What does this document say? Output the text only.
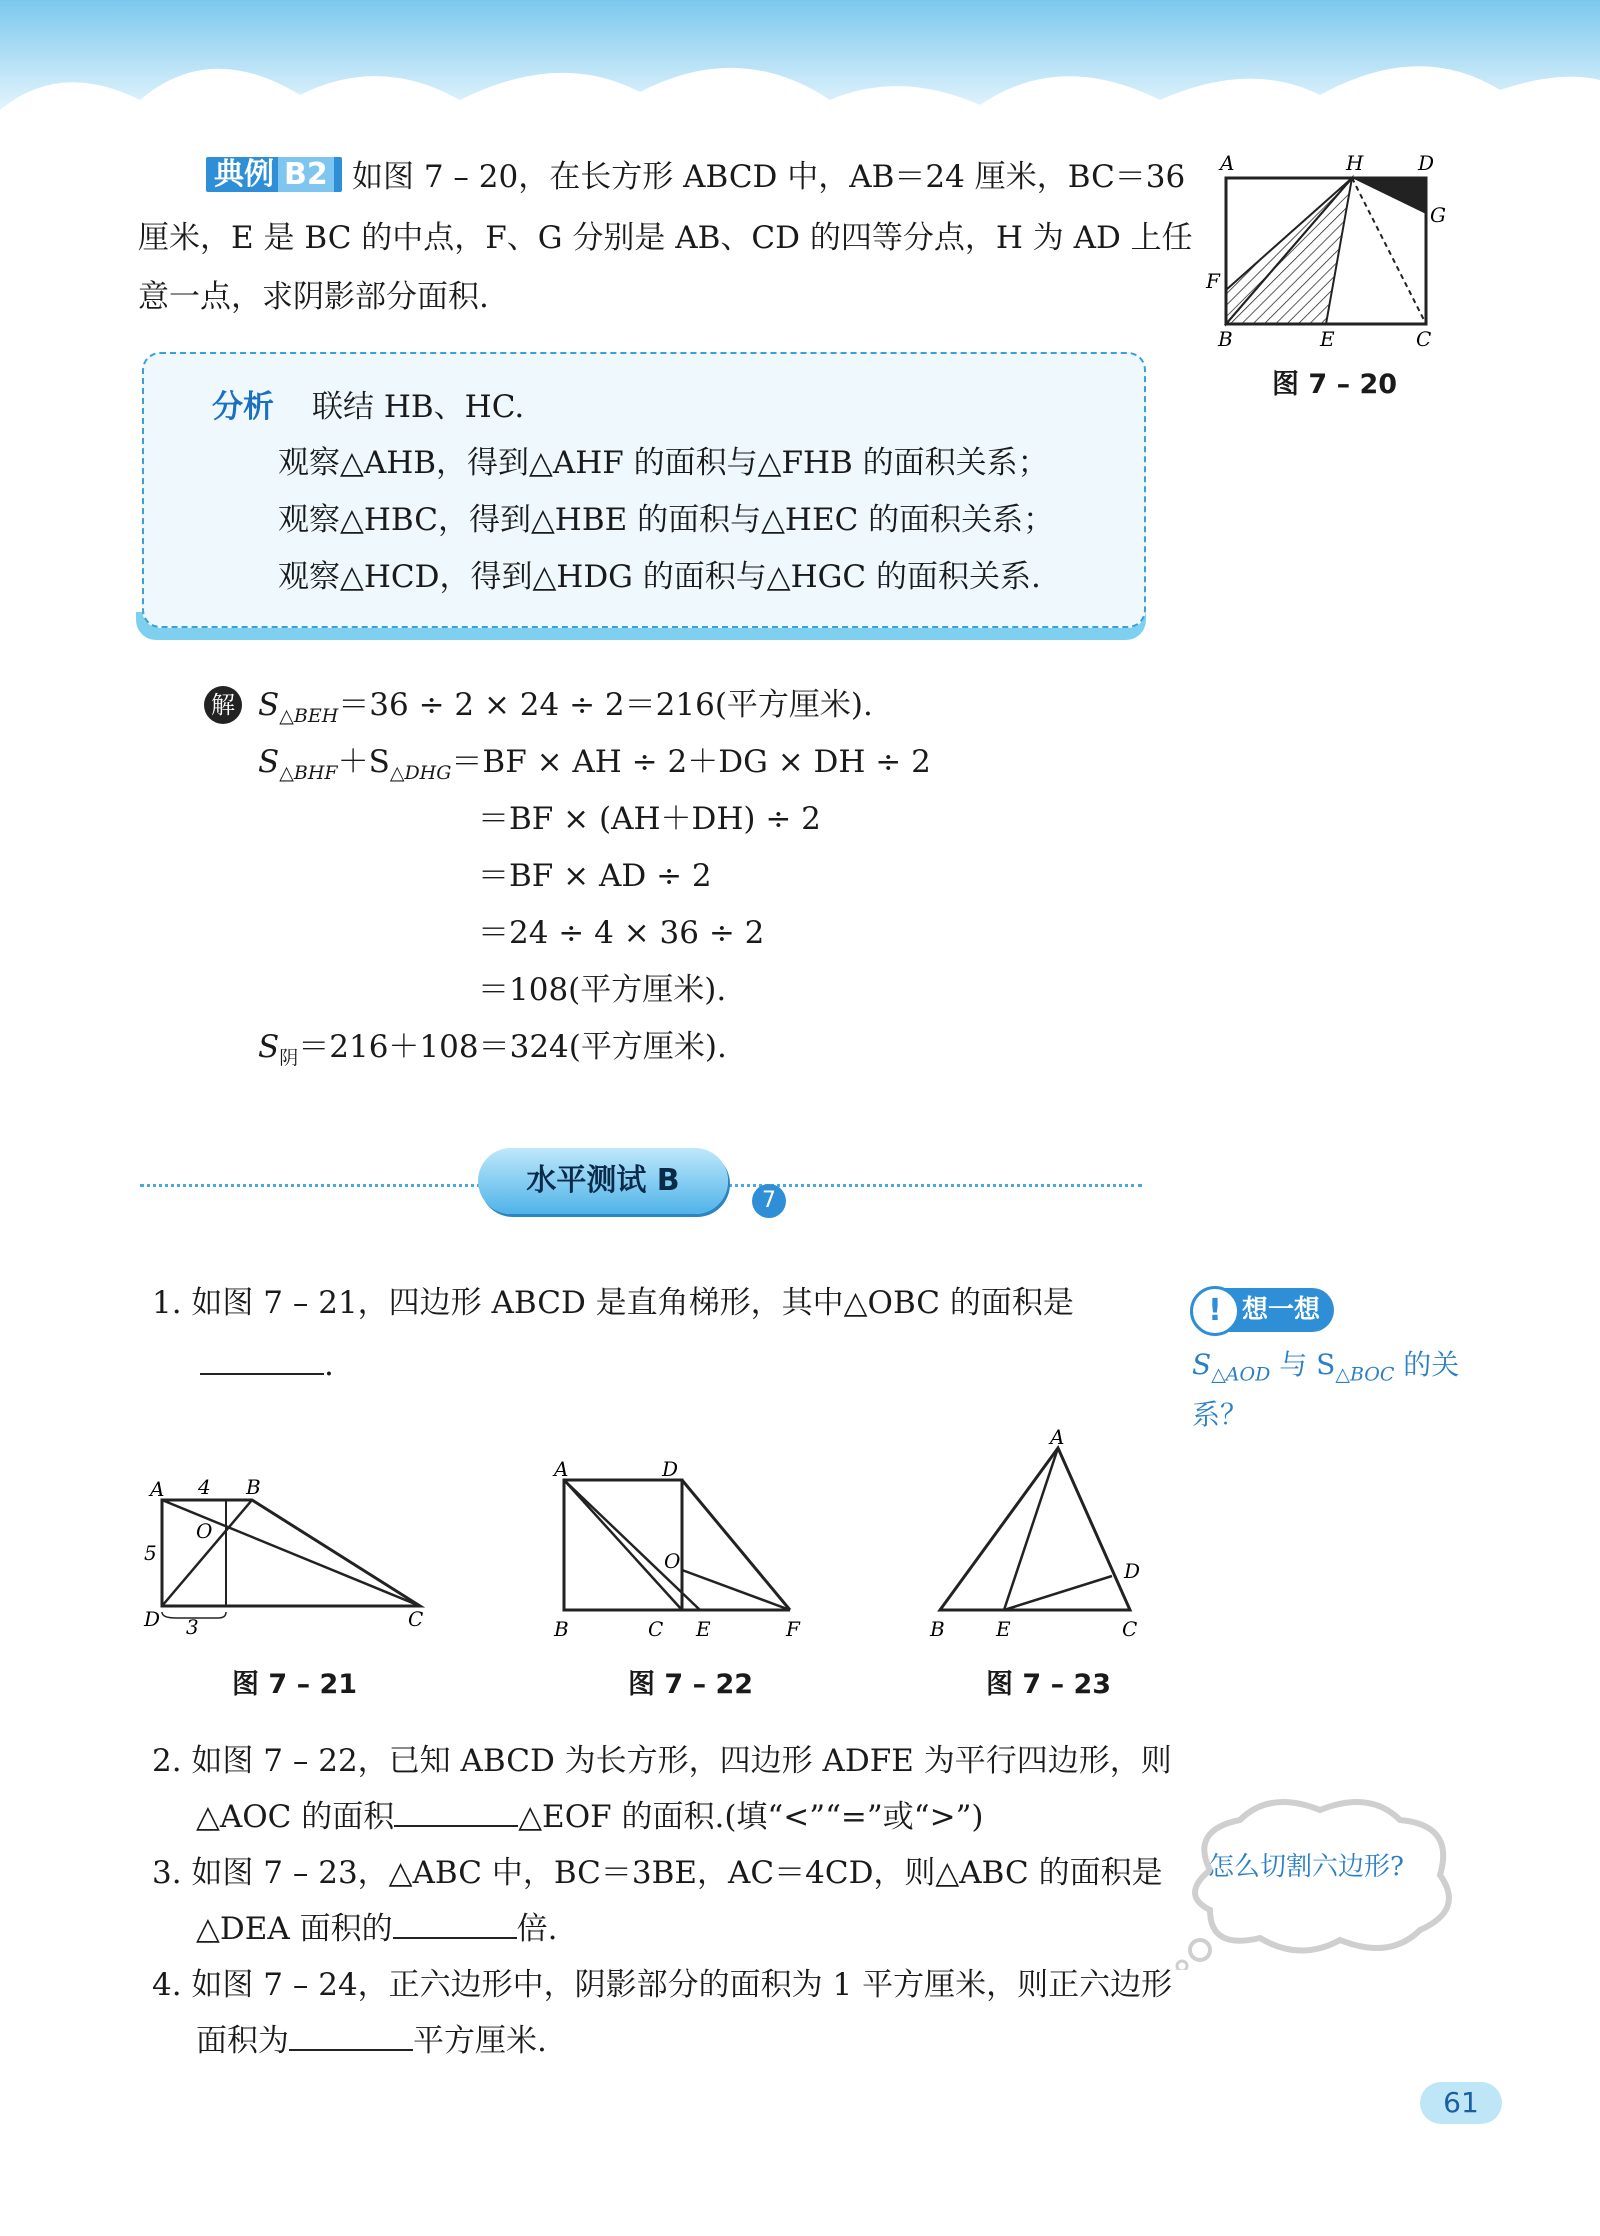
典例 B2 如图 7 – 20，在长方形 ABCD 中，AB＝24 厘米，BC＝36
厘米，E 是 BC 的中点，F、G 分别是 AB、CD 的四等分点，H 为 AD 上任
意一点，求阴影部分面积.
A	H	D
G
F
B	E	C
图 7 – 20
分析 联结 HB、HC.
观察△AHB，得到△AHF 的面积与△FHB 的面积关系；
观察△HBC，得到△HBE 的面积与△HEC 的面积关系；
观察△HCD，得到△HDG 的面积与△HGC 的面积关系.
解 $S_{\triangle BEH}=36 \div 2 \times 24 \div 2=216$(平方厘米).
$S_{\triangle BHF}+S_{\triangle DHG}=BF$ × AH ÷ 2＋DG × DH ÷ 2
＝BF × (AH＋DH) ÷ 2
＝BF × AD ÷ 2
＝24 ÷ 4 × 36 ÷ 2
＝108(平方厘米).
$S_阴=216+108=324$(平方厘米).
水平测试 B
7
想一想
!
$S_{\triangle AOD}$ 与 $S_{\triangle BOC}$ 的关
系？
1. 如图 7 – 21，四边形 ABCD 是直角梯形，其中△OBC 的面积是
.
A	B
4
O
5
D 3	C
图 7 – 21
A	D
O
B	C E	F
图 7 – 22
A
D
B	E	C
图 7 – 23
2. 如图 7 – 22，已知 ABCD 为长方形，四边形 ADFE 为平行四边形，则
△AOC 的面积	△EOF 的面积.(填“<”“=”或“>”)
3. 如图 7 – 23，△ABC 中，BC＝3BE，AC＝4CD，则△ABC 的面积是
△DEA 面积的	倍.
4. 如图 7 – 24，正六边形中，阴影部分的面积为 1 平方厘米，则正六边形
面积为	平方厘米.
怎么切割六边形?
61
